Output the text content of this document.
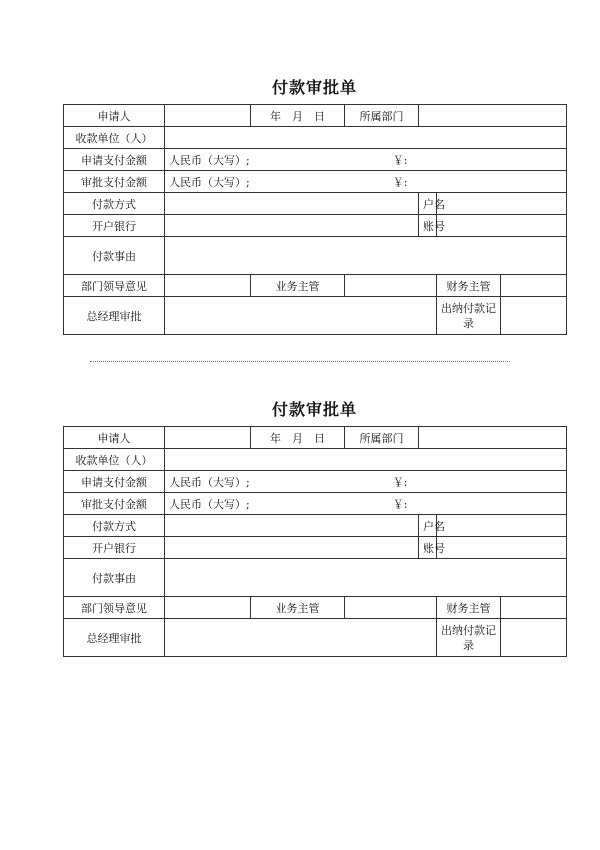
付款审批单
申请人		年　月　日	所属部门			
收款单位（人）						
申请支付金额	人民币（大写）; ￥:					
审批支付金额	人民币（大写）; ￥:					
付款方式				户名		
开户银行				账号		
付款事由						
部门领导意见		业务主管			财务主管	
总经理审批					出纳付款记录	
付款审批单
申请人		年　月　日	所属部门			
收款单位（人）						
申请支付金额	人民币（大写）; ￥:					
审批支付金额	人民币（大写）; ￥:					
付款方式				户名		
开户银行				账号		
付款事由						
部门领导意见		业务主管			财务主管	
总经理审批					出纳付款记录	
